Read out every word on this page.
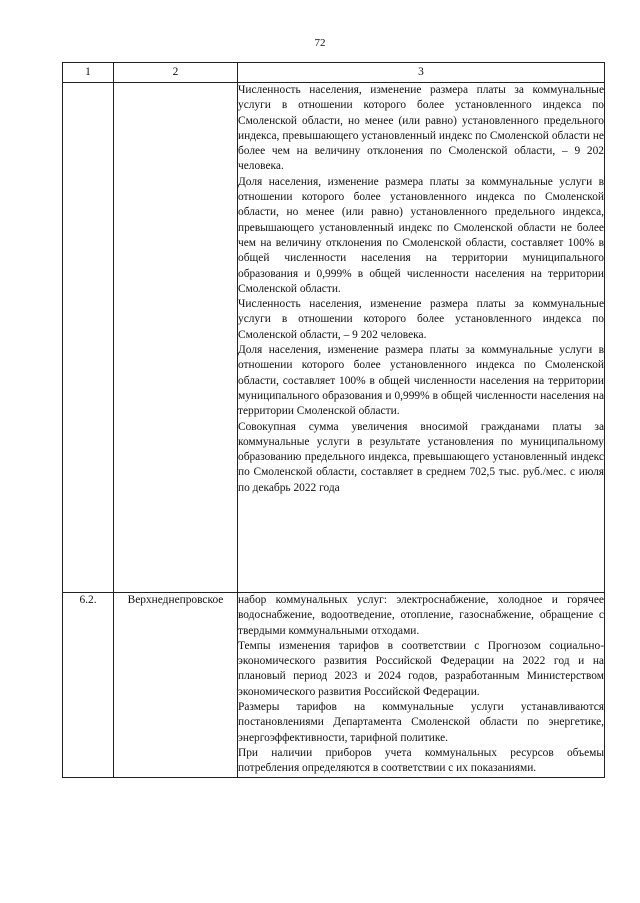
72
1	2	3

		Численность населения, изменение размера платы за коммунальные услуги в отношении которого более установленного индекса по Смоленской области, но менее (или равно) установленного предельного индекса, превышающего установленный индекс по Смоленской области не более чем на величину отклонения по Смоленской области, – 9 202 человека.

Доля населения, изменение размера платы за коммунальные услуги в отношении которого более установленного индекса по Смоленской области, но менее (или равно) установленного предельного индекса, превышающего установленный индекс по Смоленской области не более чем на величину отклонения по Смоленской области, составляет 100% в общей численности населения на территории муниципального образования и 0,999% в общей численности населения на территории Смоленской области.

Численность населения, изменение размера платы за коммунальные услуги в отношении которого более установленного индекса по Смоленской области, – 9 202 человека.

Доля населения, изменение размера платы за коммунальные услуги в отношении которого более установленного индекса по Смоленской области, составляет 100% в общей численности населения на территории муниципального образования и 0,999% в общей численности населения на территории Смоленской области.

Совокупная сумма увеличения вносимой гражданами платы за коммунальные услуги в результате установления по муниципальному образованию предельного индекса, превышающего установленный индекс по Смоленской области, составляет в среднем 702,5 тыс. руб./мес. с июля по декабрь 2022 года

6.2.	Верхнеднепровское	набор коммунальных услуг: электроснабжение, холодное и горячее водоснабжение, водоотведение, отопление, газоснабжение, обращение с твердыми коммунальными отходами.

Темпы изменения тарифов в соответствии с Прогнозом социально-экономического развития Российской Федерации на 2022 год и на плановый период 2023 и 2024 годов, разработанным Министерством экономического развития Российской Федерации.

Размеры тарифов на коммунальные услуги устанавливаются постановлениями Департамента Смоленской области по энергетике, энергоэффективности, тарифной политике.

При наличии приборов учета коммунальных ресурсов объемы потребления определяются в соответствии с их показаниями.
